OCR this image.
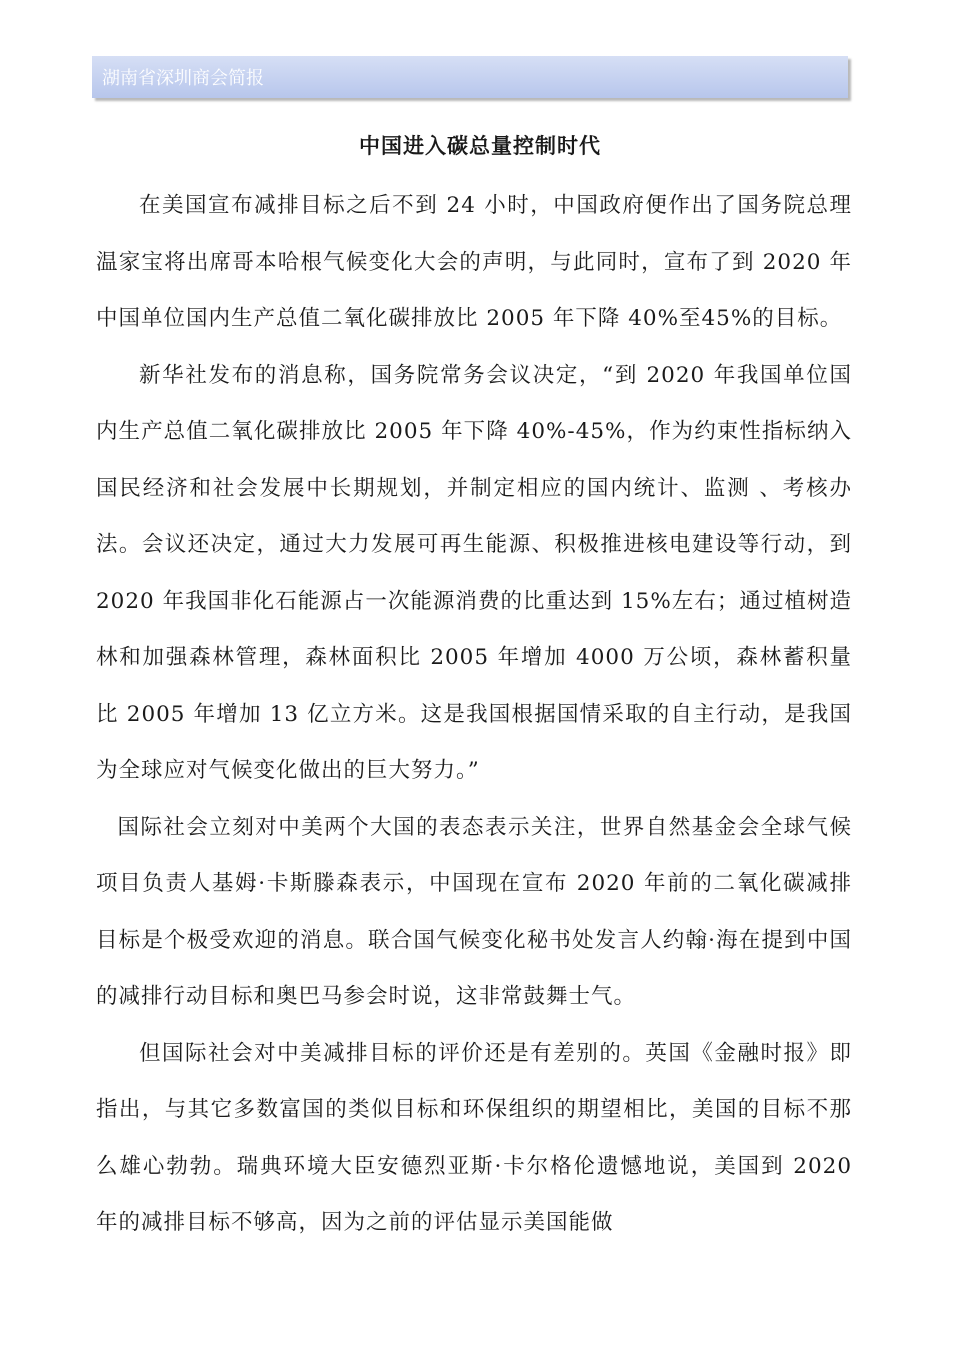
湖南省深圳商会简报
中国进入碳总量控制时代

在美国宣布减排目标之后不到 24 小时，中国政府便作出了国务院总理温家宝将出席哥本哈根气候变化大会的声明，与此同时，宣布了到 2020 年中国单位国内生产总值二氧化碳排放比 2005 年下降 40%至45%的目标。

新华社发布的消息称，国务院常务会议决定，“到 2020 年我国单位国内生产总值二氧化碳排放比 2005 年下降 40%-45%，作为约束性指标纳入国民经济和社会发展中长期规划，并制定相应的国内统计、监测 、考核办法。会议还决定，通过大力发展可再生能源、积极推进核电建设等行动，到 2020 年我国非化石能源占一次能源消费的比重达到 15%左右；通过植树造林和加强森林管理，森林面积比 2005 年增加 4000 万公顷，森林蓄积量比 2005 年增加 13 亿立方米。这是我国根据国情采取的自主行动，是我国为全球应对气候变化做出的巨大努力。”

国际社会立刻对中美两个大国的表态表示关注，世界自然基金会全球气候项目负责人基姆·卡斯滕森表示，中国现在宣布 2020 年前的二氧化碳减排目标是个极受欢迎的消息。联合国气候变化秘书处发言人约翰·海在提到中国的减排行动目标和奥巴马参会时说，这非常鼓舞士气。

但国际社会对中美减排目标的评价还是有差别的。英国《金融时报》即指出，与其它多数富国的类似目标和环保组织的期望相比，美国的目标不那么雄心勃勃。瑞典环境大臣安德烈亚斯·卡尔格伦遗憾地说，美国到 2020 年的减排目标不够高，因为之前的评估显示美国能做
